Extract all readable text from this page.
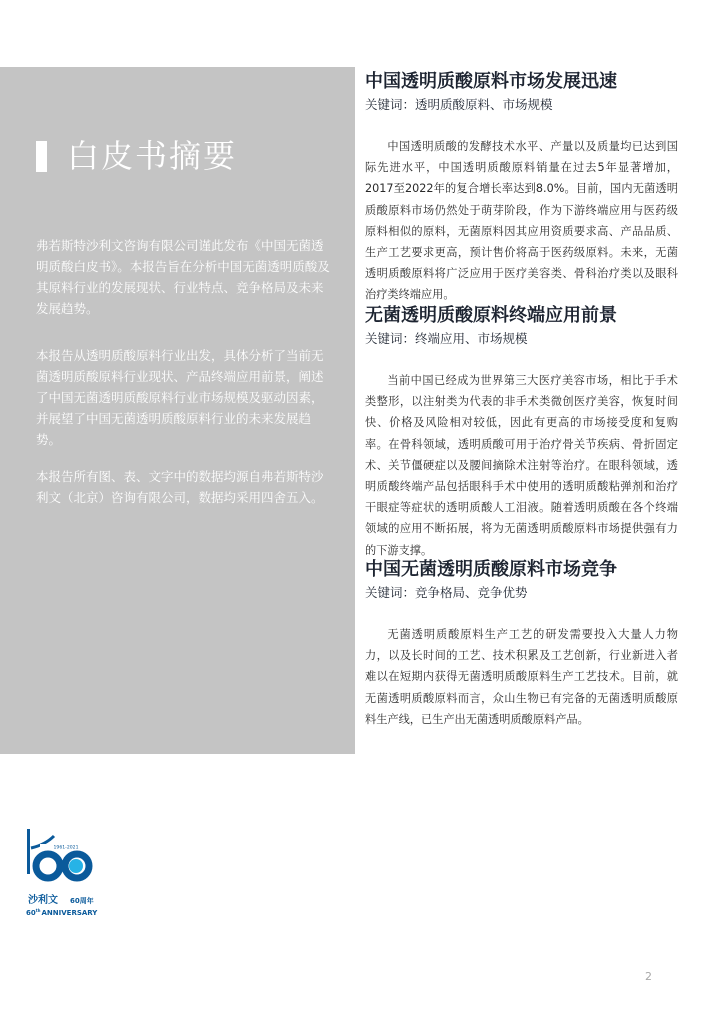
白皮书摘要

弗若斯特沙利文咨询有限公司谨此发布《中国无菌透明质酸白皮书》。本报告旨在分析中国无菌透明质酸及其原料行业的发展现状、行业特点、竞争格局及未来发展趋势。

本报告从透明质酸原料行业出发，具体分析了当前无菌透明质酸原料行业现状、产品终端应用前景，阐述了中国无菌透明质酸原料行业市场规模及驱动因素，并展望了中国无菌透明质酸原料行业的未来发展趋势。

本报告所有图、表、文字中的数据均源自弗若斯特沙利文（北京）咨询有限公司，数据均采用四舍五入。

中国透明质酸原料市场发展迅速

关键词：透明质酸原料、市场规模

中国透明质酸的发酵技术水平、产量以及质量均已达到国际先进水平，中国透明质酸原料销量在过去5年显著增加，2017至2022年的复合增长率达到8.0%。目前，国内无菌透明质酸原料市场仍然处于萌芽阶段，作为下游终端应用与医药级原料相似的原料，无菌原料因其应用资质要求高、产品品质、生产工艺要求更高，预计售价将高于医药级原料。未来，无菌透明质酸原料将广泛应用于医疗美容类、骨科治疗类以及眼科治疗类终端应用。

无菌透明质酸原料终端应用前景

关键词：终端应用、市场规模

当前中国已经成为世界第三大医疗美容市场，相比于手术类整形，以注射类为代表的非手术类微创医疗美容，恢复时间快、价格及风险相对较低，因此有更高的市场接受度和复购率。在骨科领域，透明质酸可用于治疗骨关节疾病、骨折固定术、关节僵硬症以及腰间摘除术注射等治疗。在眼科领域，透明质酸终端产品包括眼科手术中使用的透明质酸粘弹剂和治疗干眼症等症状的透明质酸人工泪液。随着透明质酸在各个终端领域的应用不断拓展，将为无菌透明质酸原料市场提供强有力的下游支撑。

中国无菌透明质酸原料市场竞争

关键词：竞争格局、竞争优势

无菌透明质酸原料生产工艺的研发需要投入大量人力物力，以及长时间的工艺、技术积累及工艺创新，行业新进入者难以在短期内获得无菌透明质酸原料生产工艺技术。目前，就无菌透明质酸原料而言，众山生物已有完备的无菌透明质酸原料生产线，已生产出无菌透明质酸原料产品。

1961-2021
沙利文 60周年
60thANNIVERSARY
2
